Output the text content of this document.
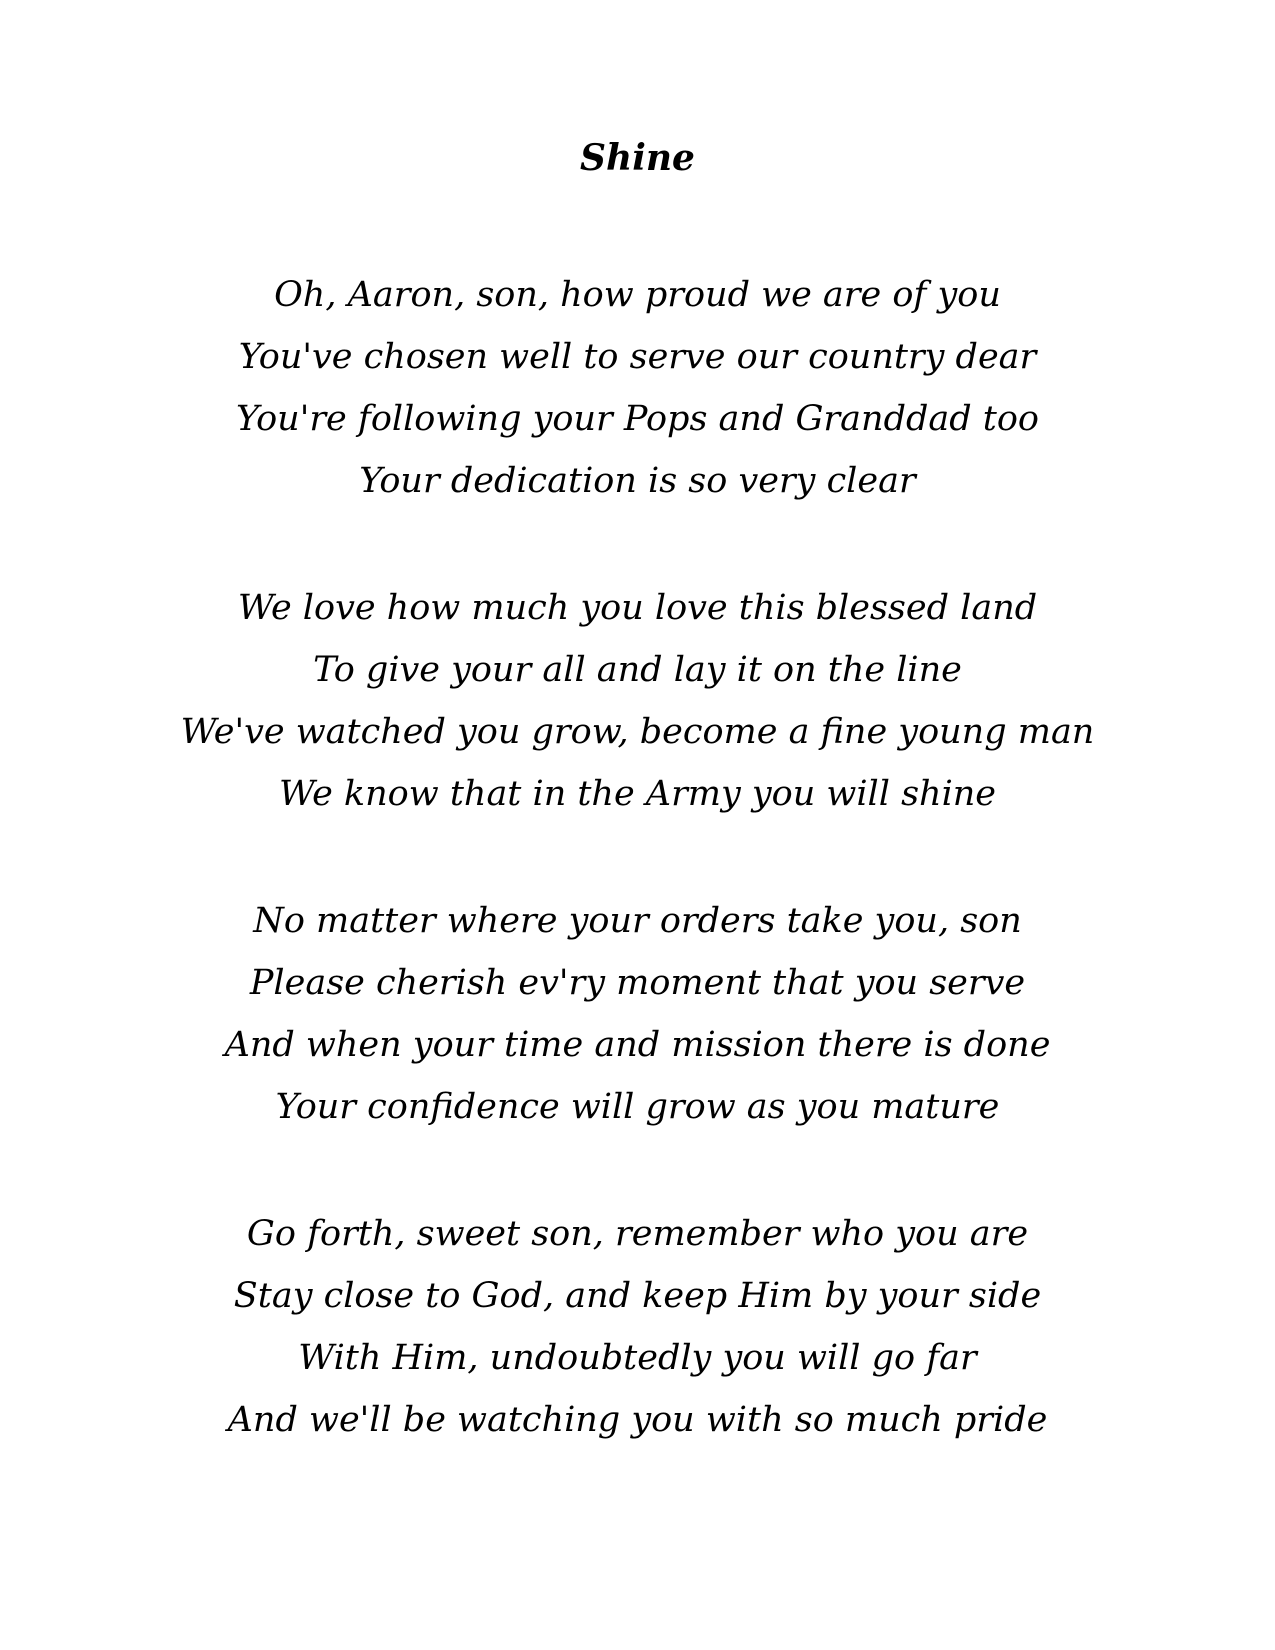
Shine
Oh, Aaron, son, how proud we are of you
You've chosen well to serve our country dear
You're following your Pops and Granddad too
Your dedication is so very clear
We love how much you love this blessed land
To give your all and lay it on the line
We've watched you grow, become a fine young man
We know that in the Army you will shine
No matter where your orders take you, son
Please cherish ev'ry moment that you serve
And when your time and mission there is done
Your confidence will grow as you mature
Go forth, sweet son, remember who you are
Stay close to God, and keep Him by your side
With Him, undoubtedly you will go far
And we'll be watching you with so much pride
